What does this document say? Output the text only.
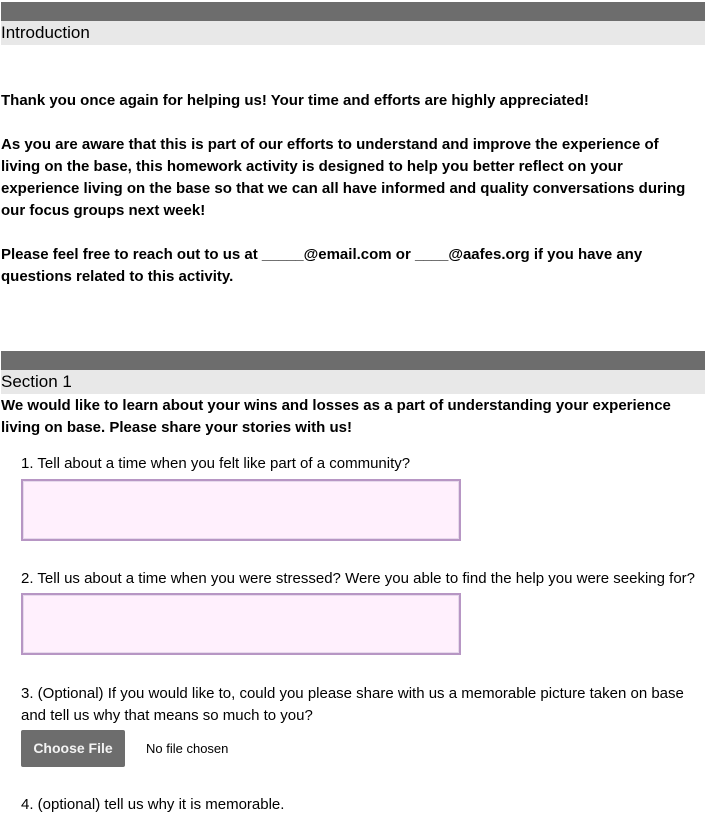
Introduction
Thank you once again for helping us! Your time and efforts are highly appreciated!
As you are aware that this is part of our efforts to understand and improve the experience of living on the base, this homework activity is designed to help you better reflect on your experience living on the base so that we can all have informed and quality conversations during our focus groups next week!
Please feel free to reach out to us at _____@email.com or ____@aafes.org if you have any questions related to this activity.
Section 1
We would like to learn about your wins and losses as a part of understanding your experience living on base. Please share your stories with us!
1. Tell about a time when you felt like part of a community?
2. Tell us about a time when you were stressed? Were you able to find the help you were seeking for?
3. (Optional) If you would like to, could you please share with us a memorable picture taken on base and tell us why that means so much to you?
Choose File	No file chosen
4. (optional) tell us why it is memorable.
